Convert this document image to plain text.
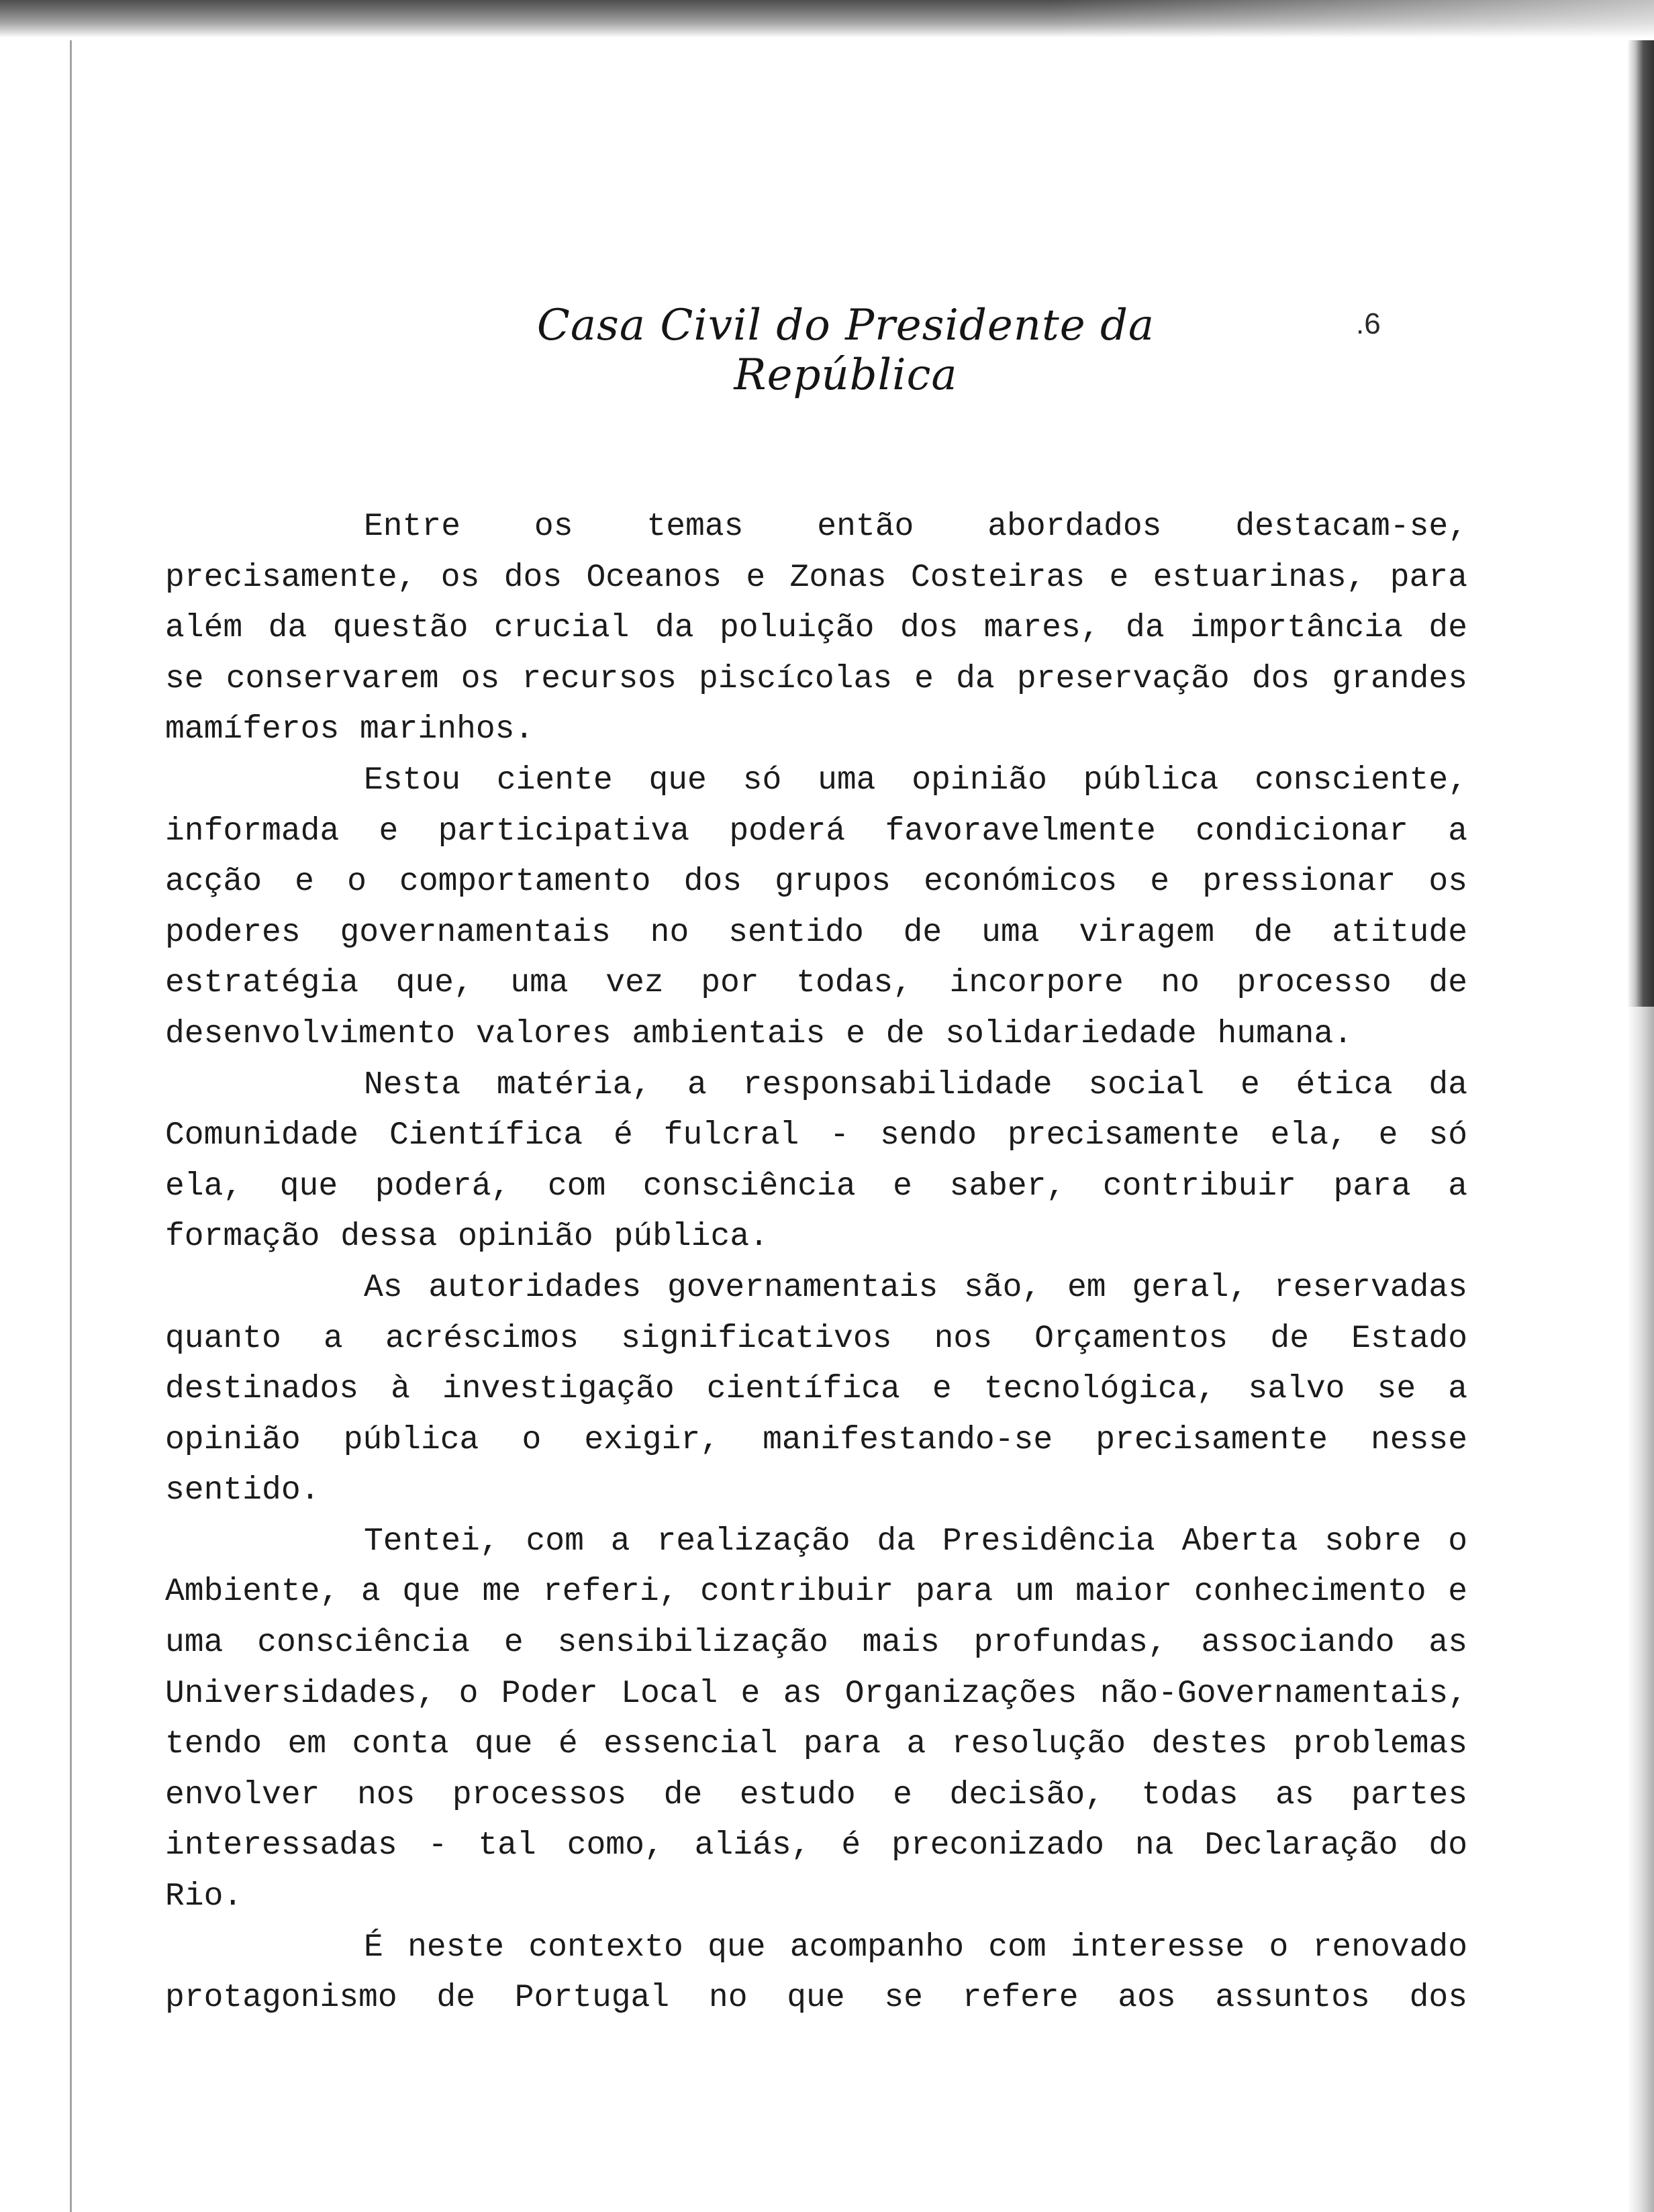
Casa Civil do Presidente da República
.6

Entre os temas então abordados destacam-se, precisamente, os dos Oceanos e Zonas Costeiras e estuarinas, para além da questão crucial da poluição dos mares, da importância de se conservarem os recursos piscícolas e da preservação dos grandes mamíferos marinhos.

Estou ciente que só uma opinião pública consciente, informada e participativa poderá favoravelmente condicionar a acção e o comportamento dos grupos económicos e pressionar os poderes governamentais no sentido de uma viragem de atitude estratégia que, uma vez por todas, incorpore no processo de desenvolvimento valores ambientais e de solidariedade humana.

Nesta matéria, a responsabilidade social e ética da Comunidade Científica é fulcral - sendo precisamente ela, e só ela, que poderá, com consciência e saber, contribuir para a formação dessa opinião pública.

As autoridades governamentais são, em geral, reservadas quanto a acréscimos significativos nos Orçamentos de Estado destinados à investigação científica e tecnológica, salvo se a opinião pública o exigir, manifestando-se precisamente nesse sentido.

Tentei, com a realização da Presidência Aberta sobre o Ambiente, a que me referi, contribuir para um maior conhecimento e uma consciência e sensibilização mais profundas, associando as Universidades, o Poder Local e as Organizações não-Governamentais, tendo em conta que é essencial para a resolução destes problemas envolver nos processos de estudo e decisão, todas as partes interessadas - tal como, aliás, é preconizado na Declaração do Rio.

É neste contexto que acompanho com interesse o renovado protagonismo de Portugal no que se refere aos assuntos dos
